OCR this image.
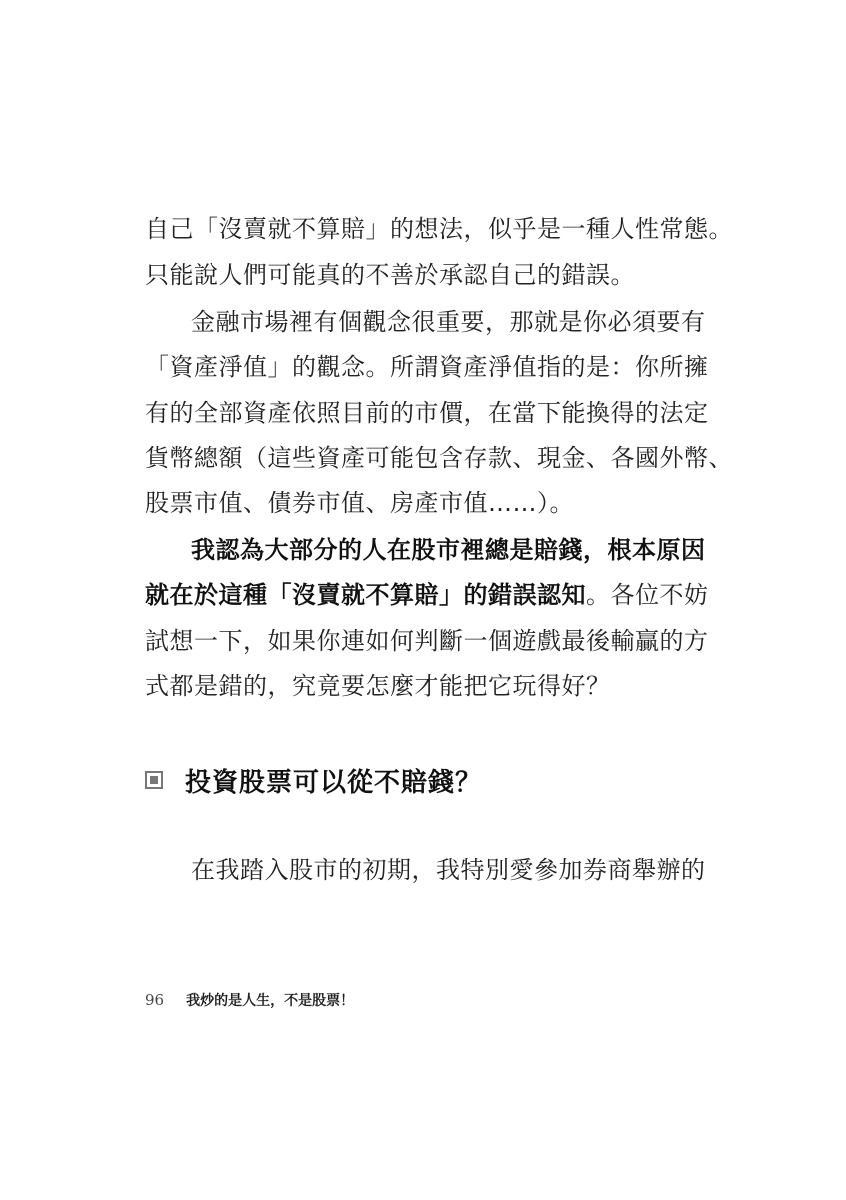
自己「沒賣就不算賠」的想法，似乎是一種人性常態。
只能說人們可能真的不善於承認自己的錯誤。
金融市場裡有個觀念很重要，那就是你必須要有
「資產淨值」的觀念。所謂資產淨值指的是：你所擁
有的全部資產依照目前的市價，在當下能換得的法定
貨幣總額（這些資產可能包含存款、現金、各國外幣、
股票市值、債券市值、房產市值……）。
我認為大部分的人在股市裡總是賠錢，根本原因
就在於這種「沒賣就不算賠」的錯誤認知。各位不妨
試想一下，如果你連如何判斷一個遊戲最後輸贏的方
式都是錯的，究竟要怎麼才能把它玩得好？
投資股票可以從不賠錢？
在我踏入股市的初期，我特別愛參加券商舉辦的
96 我炒的是人生，不是股票！
